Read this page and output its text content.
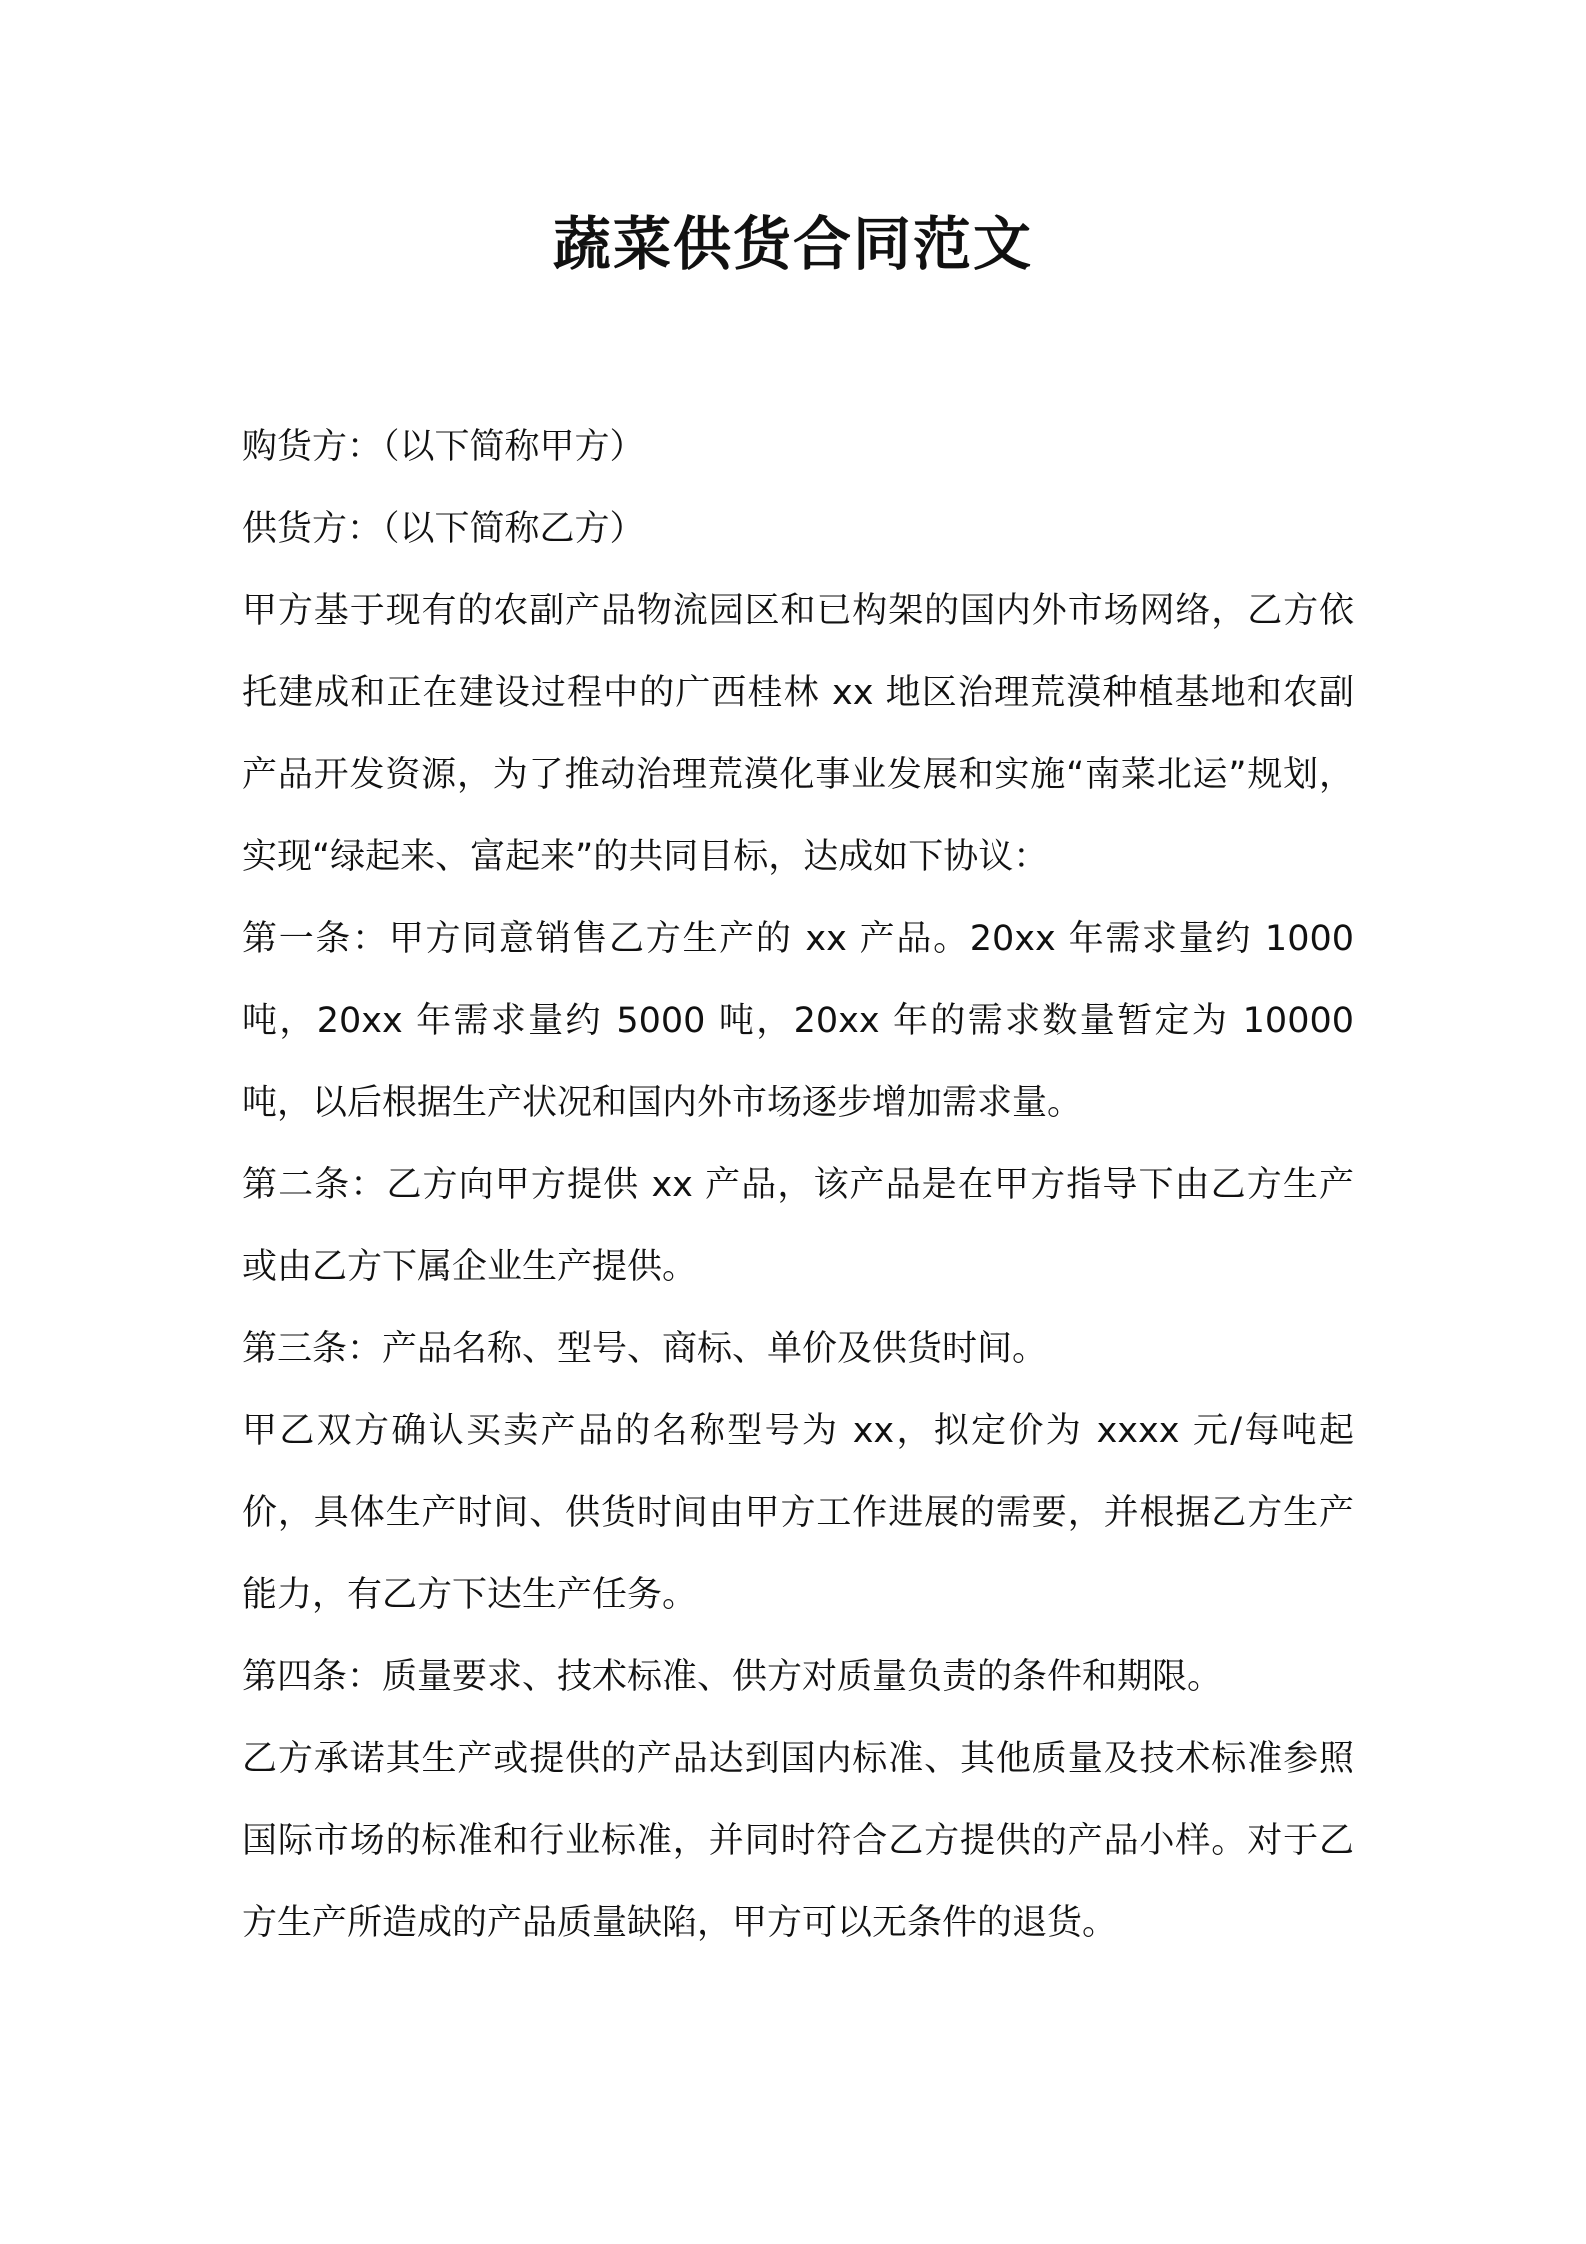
蔬菜供货合同范文

购货方：（以下简称甲方）

供货方：（以下简称乙方）

甲方基于现有的农副产品物流园区和已构架的国内外市场网络，乙方依托建成和正在建设过程中的广西桂林 xx 地区治理荒漠种植基地和农副产品开发资源，为了推动治理荒漠化事业发展和实施“南菜北运”规划，实现“绿起来、富起来”的共同目标，达成如下协议：

第一条：甲方同意销售乙方生产的 xx 产品。20xx 年需求量约 1000 吨，20xx 年需求量约 5000 吨，20xx 年的需求数量暂定为 10000 吨，以后根据生产状况和国内外市场逐步增加需求量。

第二条：乙方向甲方提供 xx 产品，该产品是在甲方指导下由乙方生产或由乙方下属企业生产提供。

第三条：产品名称、型号、商标、单价及供货时间。

甲乙双方确认买卖产品的名称型号为 xx，拟定价为 xxxx 元/每吨起价，具体生产时间、供货时间由甲方工作进展的需要，并根据乙方生产能力，有乙方下达生产任务。

第四条：质量要求、技术标准、供方对质量负责的条件和期限。

乙方承诺其生产或提供的产品达到国内标准、其他质量及技术标准参照国际市场的标准和行业标准，并同时符合乙方提供的产品小样。对于乙方生产所造成的产品质量缺陷，甲方可以无条件的退货。
